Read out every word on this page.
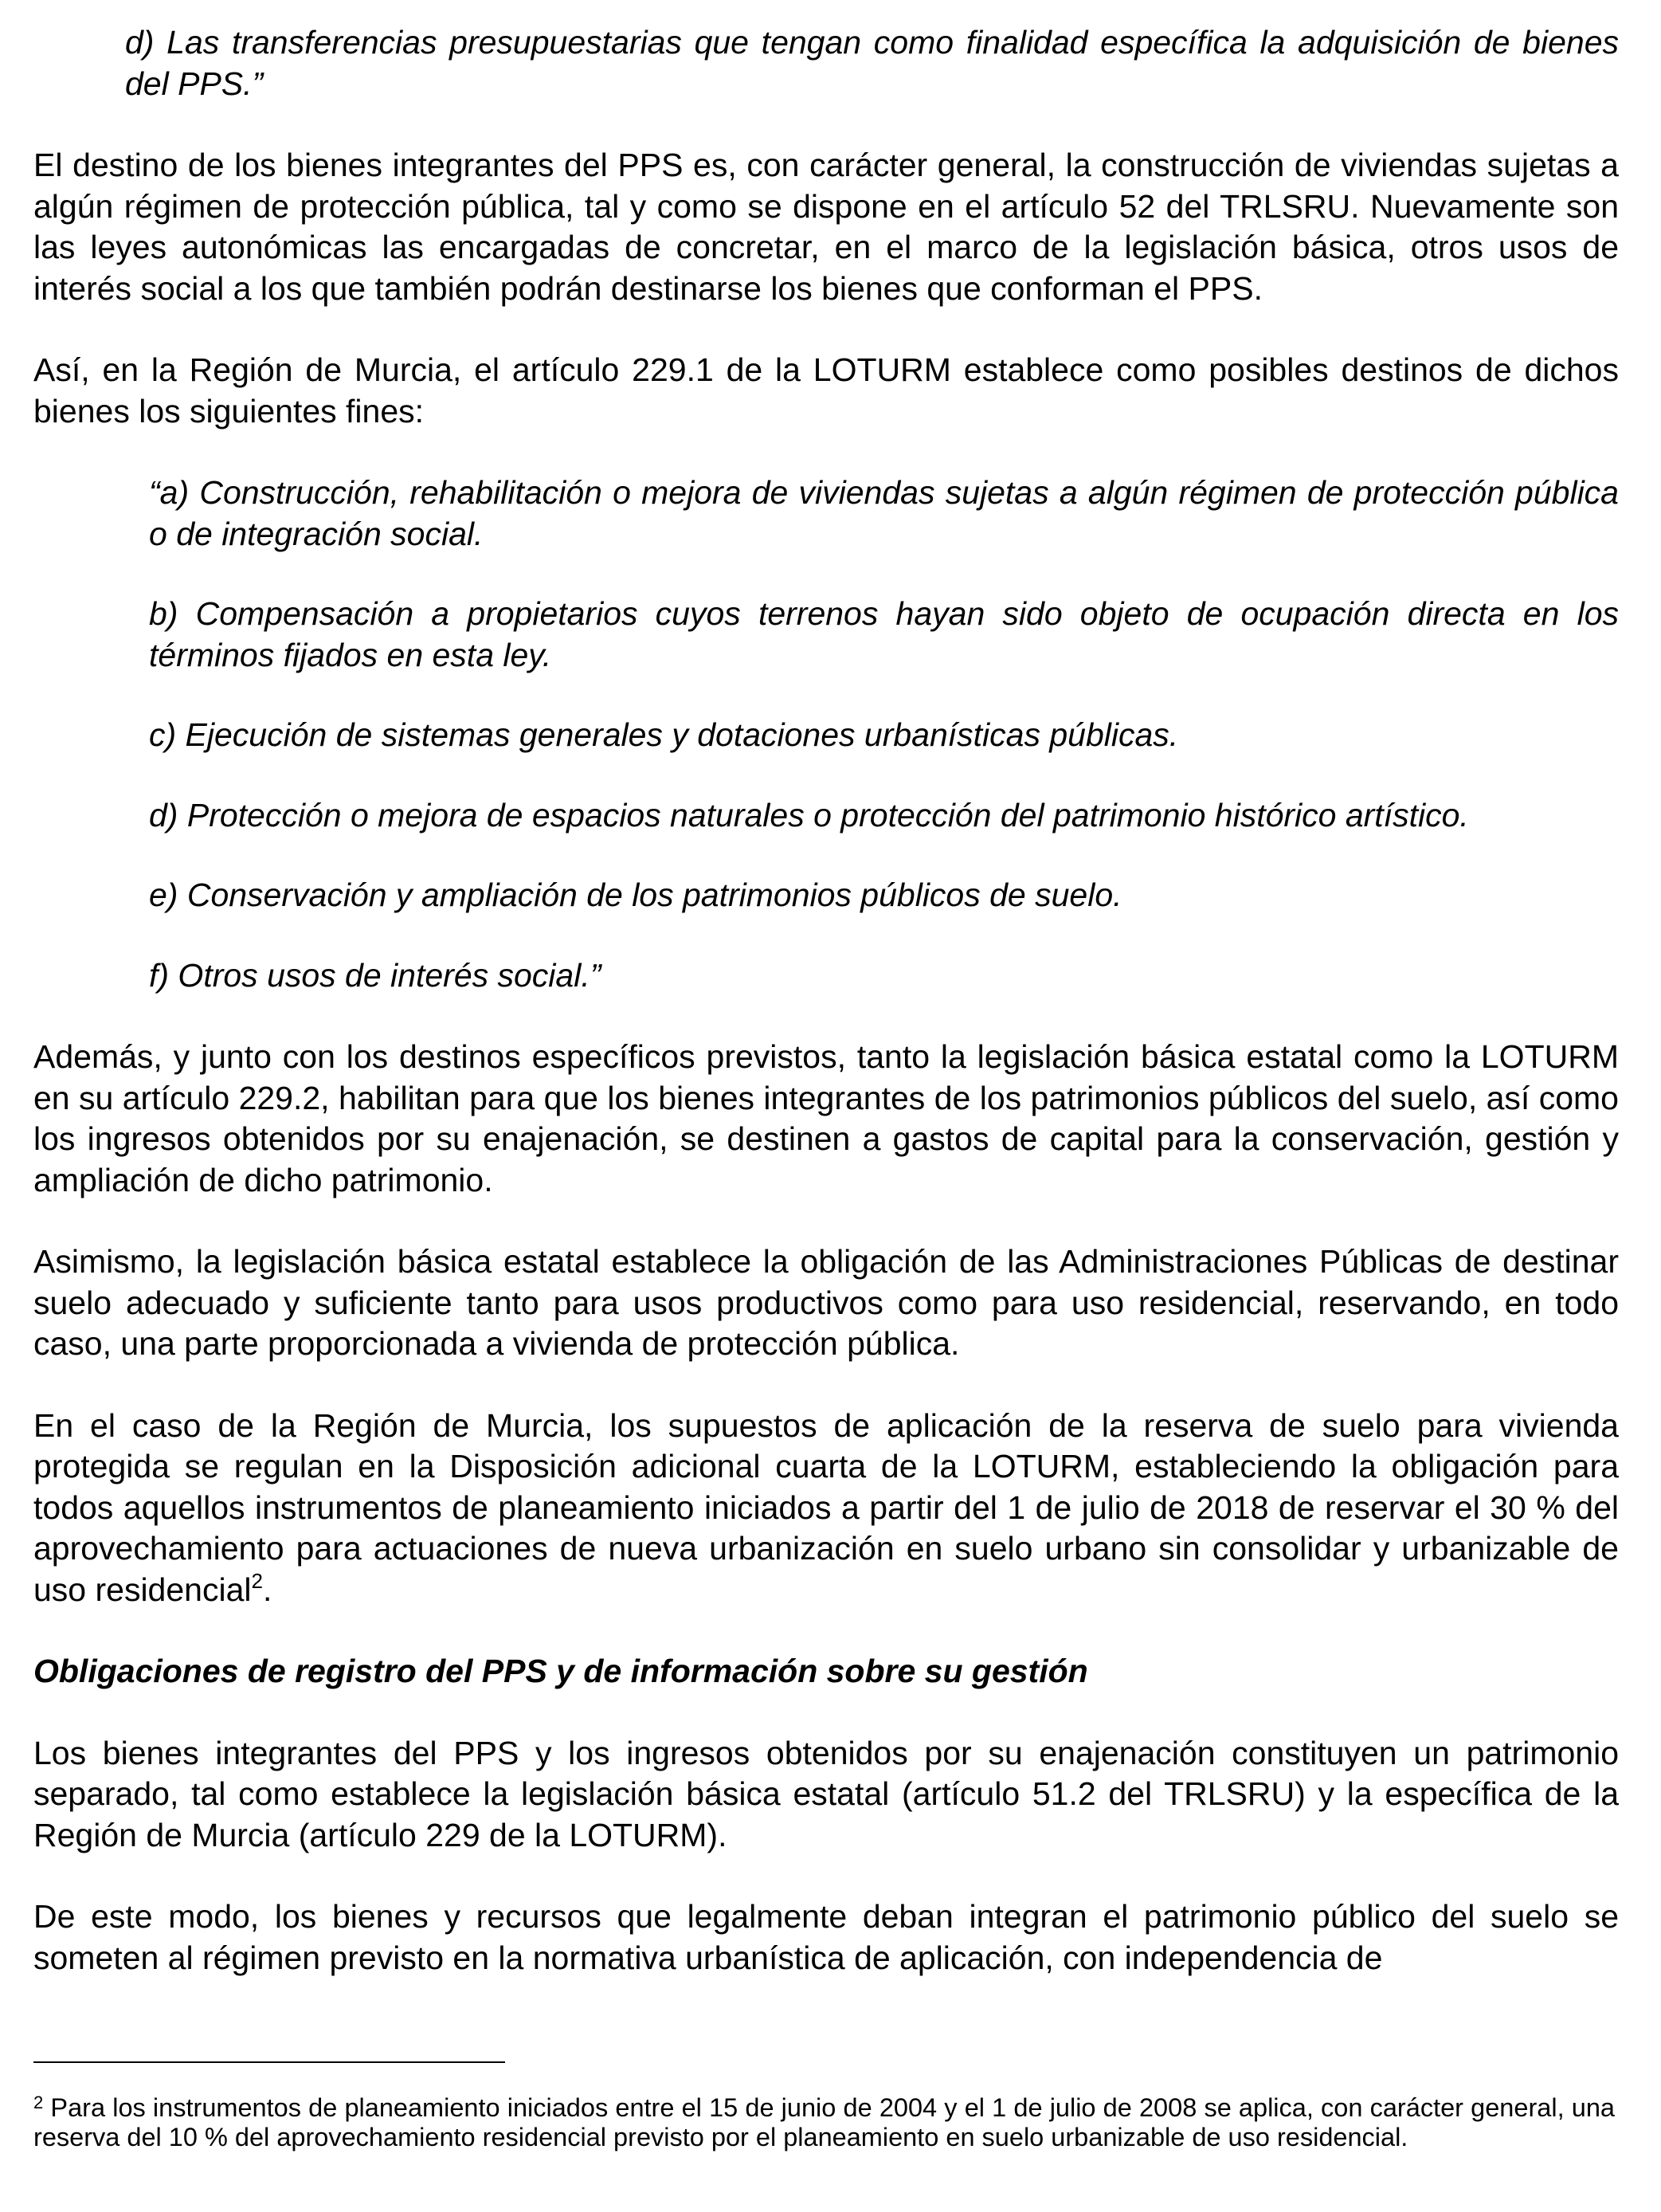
d) Las transferencias presupuestarias que tengan como finalidad específica la adquisición de bienes del PPS.”

El destino de los bienes integrantes del PPS es, con carácter general, la construcción de viviendas sujetas a algún régimen de protección pública, tal y como se dispone en el artículo 52 del TRLSRU. Nuevamente son las leyes autonómicas las encargadas de concretar, en el marco de la legislación básica, otros usos de interés social a los que también podrán destinarse los bienes que conforman el PPS.

Así, en la Región de Murcia, el artículo 229.1 de la LOTURM establece como posibles destinos de dichos bienes los siguientes fines:

“a) Construcción, rehabilitación o mejora de viviendas sujetas a algún régimen de protección pública o de integración social.

b) Compensación a propietarios cuyos terrenos hayan sido objeto de ocupación directa en los términos fijados en esta ley.

c) Ejecución de sistemas generales y dotaciones urbanísticas públicas.

d) Protección o mejora de espacios naturales o protección del patrimonio histórico artístico.

e) Conservación y ampliación de los patrimonios públicos de suelo.

f) Otros usos de interés social.”

Además, y junto con los destinos específicos previstos, tanto la legislación básica estatal como la LOTURM en su artículo 229.2, habilitan para que los bienes integrantes de los patrimonios públicos del suelo, así como los ingresos obtenidos por su enajenación, se destinen a gastos de capital para la conservación, gestión y ampliación de dicho patrimonio.

Asimismo, la legislación básica estatal establece la obligación de las Administraciones Públicas de destinar suelo adecuado y suficiente tanto para usos productivos como para uso residencial, reservando, en todo caso, una parte proporcionada a vivienda de protección pública.

En el caso de la Región de Murcia, los supuestos de aplicación de la reserva de suelo para vivienda protegida se regulan en la Disposición adicional cuarta de la LOTURM, estableciendo la obligación para todos aquellos instrumentos de planeamiento iniciados a partir del 1 de julio de 2018 de reservar el 30 % del aprovechamiento para actuaciones de nueva urbanización en suelo urbano sin consolidar y urbanizable de uso residencial$^2$.

Obligaciones de registro del PPS y de información sobre su gestión

Los bienes integrantes del PPS y los ingresos obtenidos por su enajenación constituyen un patrimonio separado, tal como establece la legislación básica estatal (artículo 51.2 del TRLSRU) y la específica de la Región de Murcia (artículo 229 de la LOTURM).

De este modo, los bienes y recursos que legalmente deban integran el patrimonio público del suelo se someten al régimen previsto en la normativa urbanística de aplicación, con independencia de

$^2$ Para los instrumentos de planeamiento iniciados entre el 15 de junio de 2004 y el 1 de julio de 2008 se aplica, con carácter general, una reserva del 10 % del aprovechamiento residencial previsto por el planeamiento en suelo urbanizable de uso residencial.
